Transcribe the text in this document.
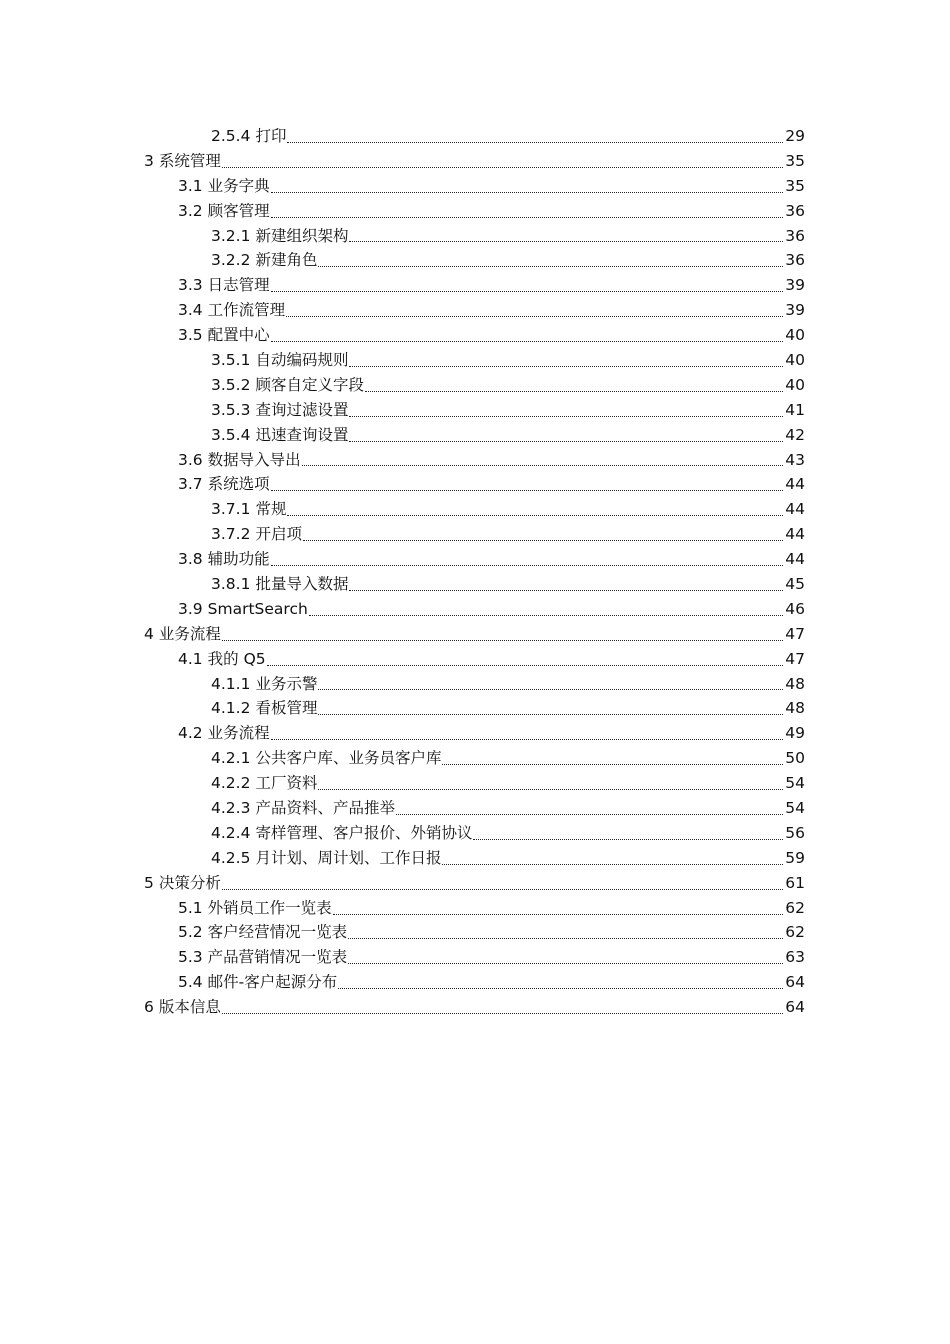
2.5.4 打印	29
3 系统管理	35
3.1 业务字典	35
3.2 顾客管理	36
3.2.1 新建组织架构	36
3.2.2 新建角色	36
3.3 日志管理	39
3.4 工作流管理	39
3.5 配置中心	40
3.5.1 自动编码规则	40
3.5.2 顾客自定义字段	40
3.5.3 查询过滤设置	41
3.5.4 迅速查询设置	42
3.6 数据导入导出	43
3.7 系统选项	44
3.7.1 常规	44
3.7.2 开启项	44
3.8 辅助功能	44
3.8.1 批量导入数据	45
3.9 SmartSearch	46
4 业务流程	47
4.1 我的 Q5	47
4.1.1 业务示警	48
4.1.2 看板管理	48
4.2 业务流程	49
4.2.1 公共客户库、业务员客户库	50
4.2.2 工厂资料	54
4.2.3 产品资料、产品推举	54
4.2.4 寄样管理、客户报价、外销协议	56
4.2.5 月计划、周计划、工作日报	59
5 决策分析	61
5.1 外销员工作一览表	62
5.2 客户经营情况一览表	62
5.3 产品营销情况一览表	63
5.4 邮件-客户起源分布	64
6 版本信息	64
